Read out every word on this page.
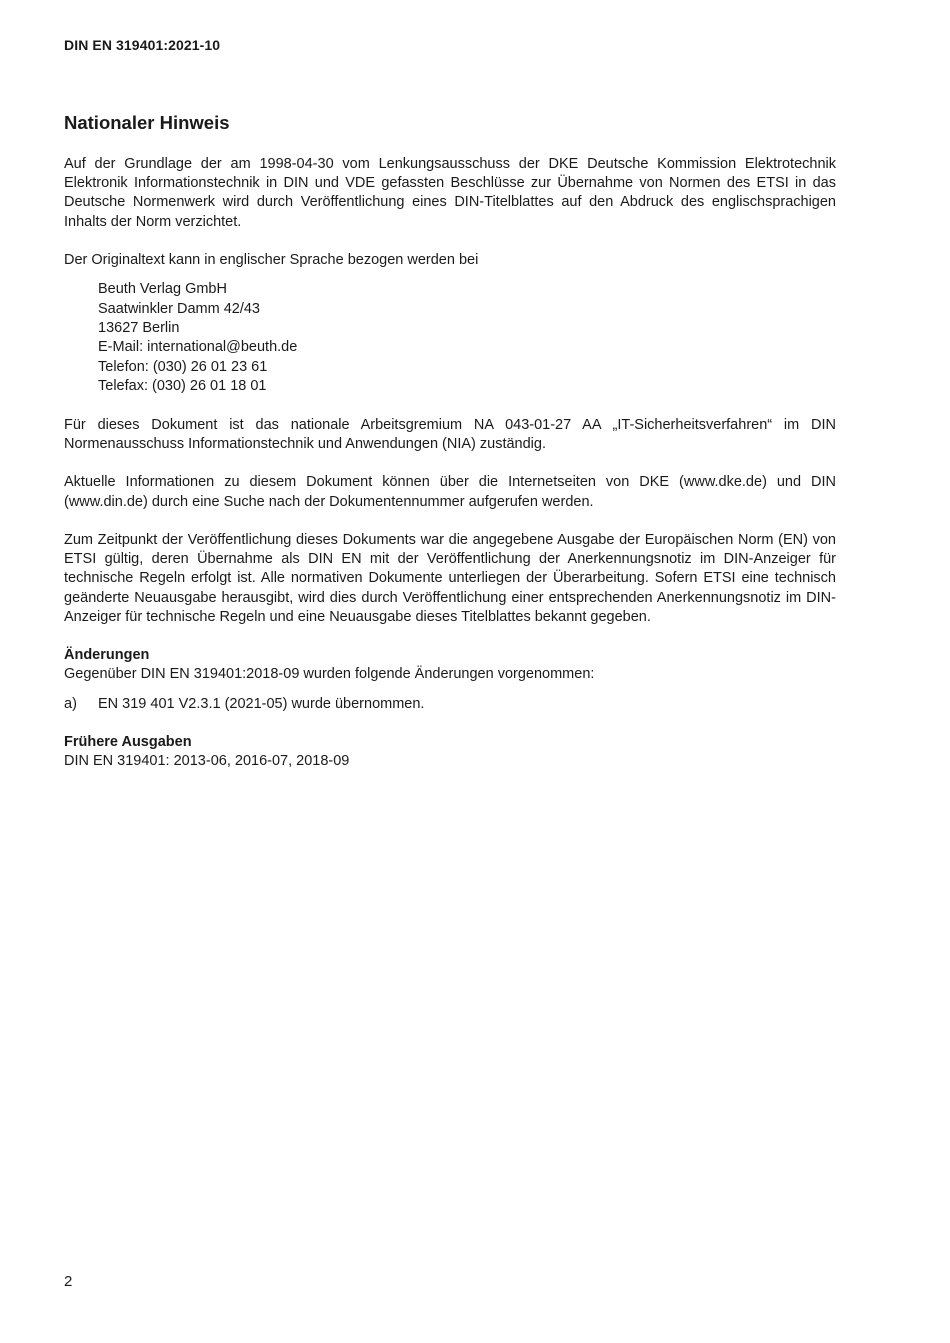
DIN EN 319401:2021-10
Nationaler Hinweis

Auf der Grundlage der am 1998-04-30 vom Lenkungsausschuss der DKE Deutsche Kommission Elektrotechnik Elektronik Informationstechnik in DIN und VDE gefassten Beschlüsse zur Übernahme von Normen des ETSI in das Deutsche Normenwerk wird durch Veröffentlichung eines DIN-Titelblattes auf den Abdruck des englischsprachigen Inhalts der Norm verzichtet.

Der Originaltext kann in englischer Sprache bezogen werden bei

Beuth Verlag GmbH
Saatwinkler Damm 42/43
13627 Berlin
E-Mail: international@beuth.de
Telefon: (030) 26 01 23 61
Telefax: (030) 26 01 18 01

Für dieses Dokument ist das nationale Arbeitsgremium NA 043-01-27 AA „IT-Sicherheitsverfahren“ im DIN Normenausschuss Informationstechnik und Anwendungen (NIA) zuständig.

Aktuelle Informationen zu diesem Dokument können über die Internetseiten von DKE (www.dke.de) und DIN (www.din.de) durch eine Suche nach der Dokumentennummer aufgerufen werden.

Zum Zeitpunkt der Veröffentlichung dieses Dokuments war die angegebene Ausgabe der Europäischen Norm (EN) von ETSI gültig, deren Übernahme als DIN EN mit der Veröffentlichung der Anerkennungsnotiz im DIN-Anzeiger für technische Regeln erfolgt ist. Alle normativen Dokumente unterliegen der Überarbeitung. Sofern ETSI eine technisch geänderte Neuausgabe herausgibt, wird dies durch Veröffentlichung einer entsprechenden Anerkennungsnotiz im DIN-Anzeiger für technische Regeln und eine Neuausgabe dieses Titelblattes bekannt gegeben.

Änderungen

Gegenüber DIN EN 319401:2018-09 wurden folgende Änderungen vorgenommen:

a)	EN 319 401 V2.3.1 (2021-05) wurde übernommen.

Frühere Ausgaben

DIN EN 319401: 2013-06, 2016-07, 2018-09

2
